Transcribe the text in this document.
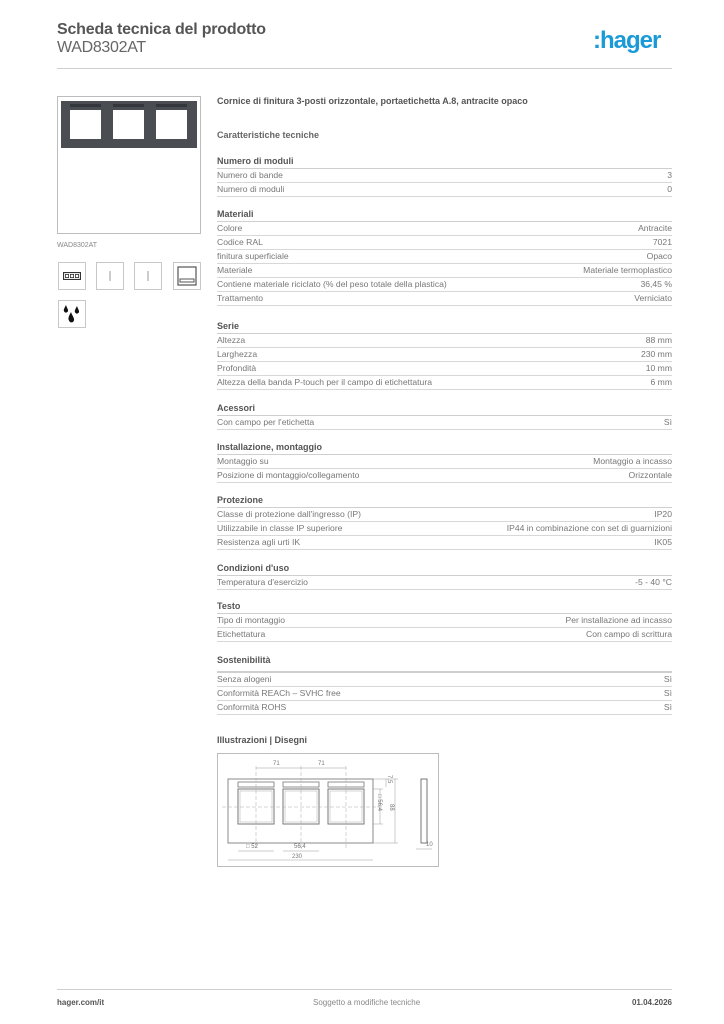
Scheda tecnica del prodotto
WAD8302AT	:hager
WAD8302AT
Cornice di finitura 3-posti orizzontale, portaetichetta A.8, antracite opaco
Caratteristiche tecniche
Numero di moduli
Numero di bande	3
Numero di moduli	0
Materiali
Colore	Antracite
Codice RAL	7021
finitura superficiale	Opaco
Materiale	Materiale termoplastico
Contiene materiale riciclato (% del peso totale della plastica)	36,45 %
Trattamento	Verniciato
Serie
Altezza	88 mm
Larghezza	230 mm
Profondità	10 mm
Altezza della banda P-touch per il campo di etichettatura	6 mm
Acessori
Con campo per l'etichetta	Sì
Installazione, montaggio
Montaggio su	Montaggio a incasso
Posizione di montaggio/collegamento	Orizzontale
Protezione
Classe di protezione dall'ingresso (IP)	IP20
Utilizzabile in classe IP superiore	IP44 in combinazione con set di guarnizioni
Resistenza agli urti IK	IK05
Condizioni d'uso
Temperatura d'esercizio	-5 - 40 °C
Testo
Tipo di montaggio	Per installazione ad incasso
Etichettatura	Con campo di scrittura
Sostenibilità
Senza alogeni	Sì
Conformità REACh – SVHC free	Sì
Conformità ROHS	Sì
Illustrazioni | Disegni
71	71
7,5
□ 56,4 88
10
□ 52	56,4
230
hager.com/it	Soggetto a modifiche tecniche	01.04.2026
